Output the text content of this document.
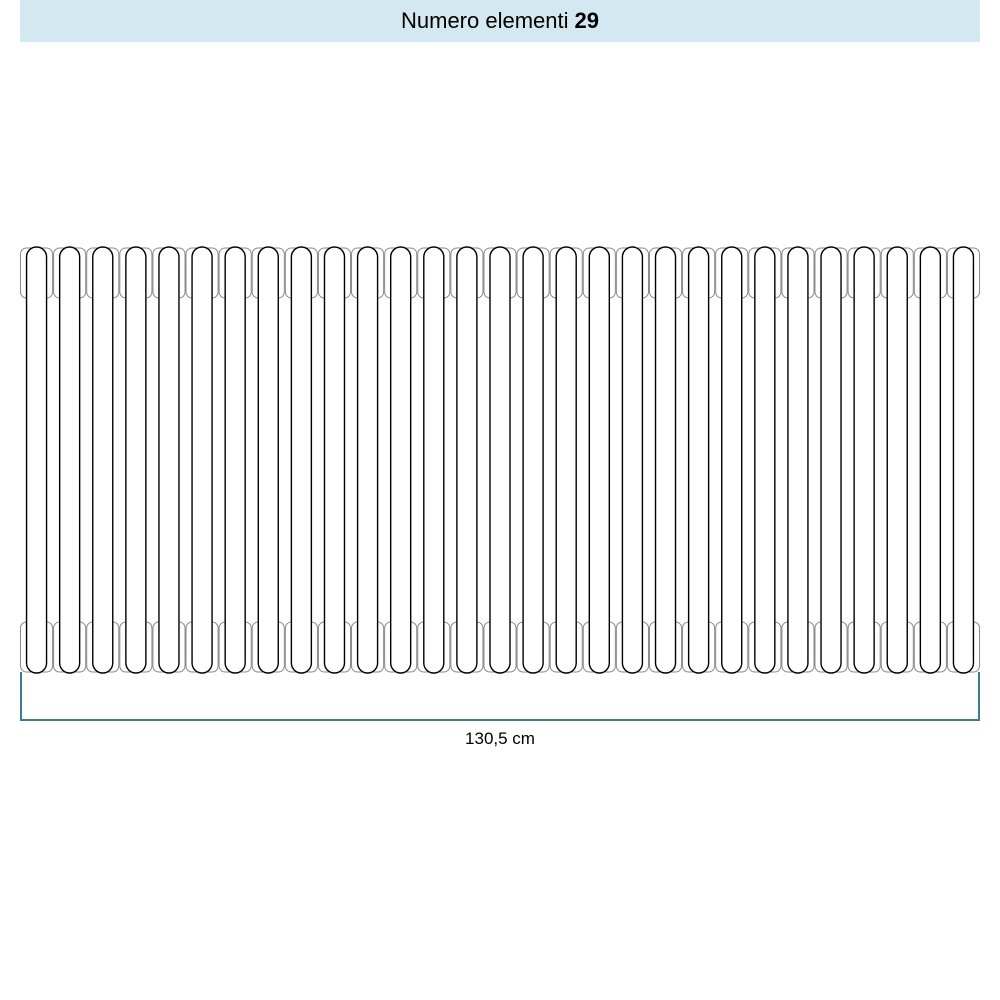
Numero elementi 29
130,5 cm
